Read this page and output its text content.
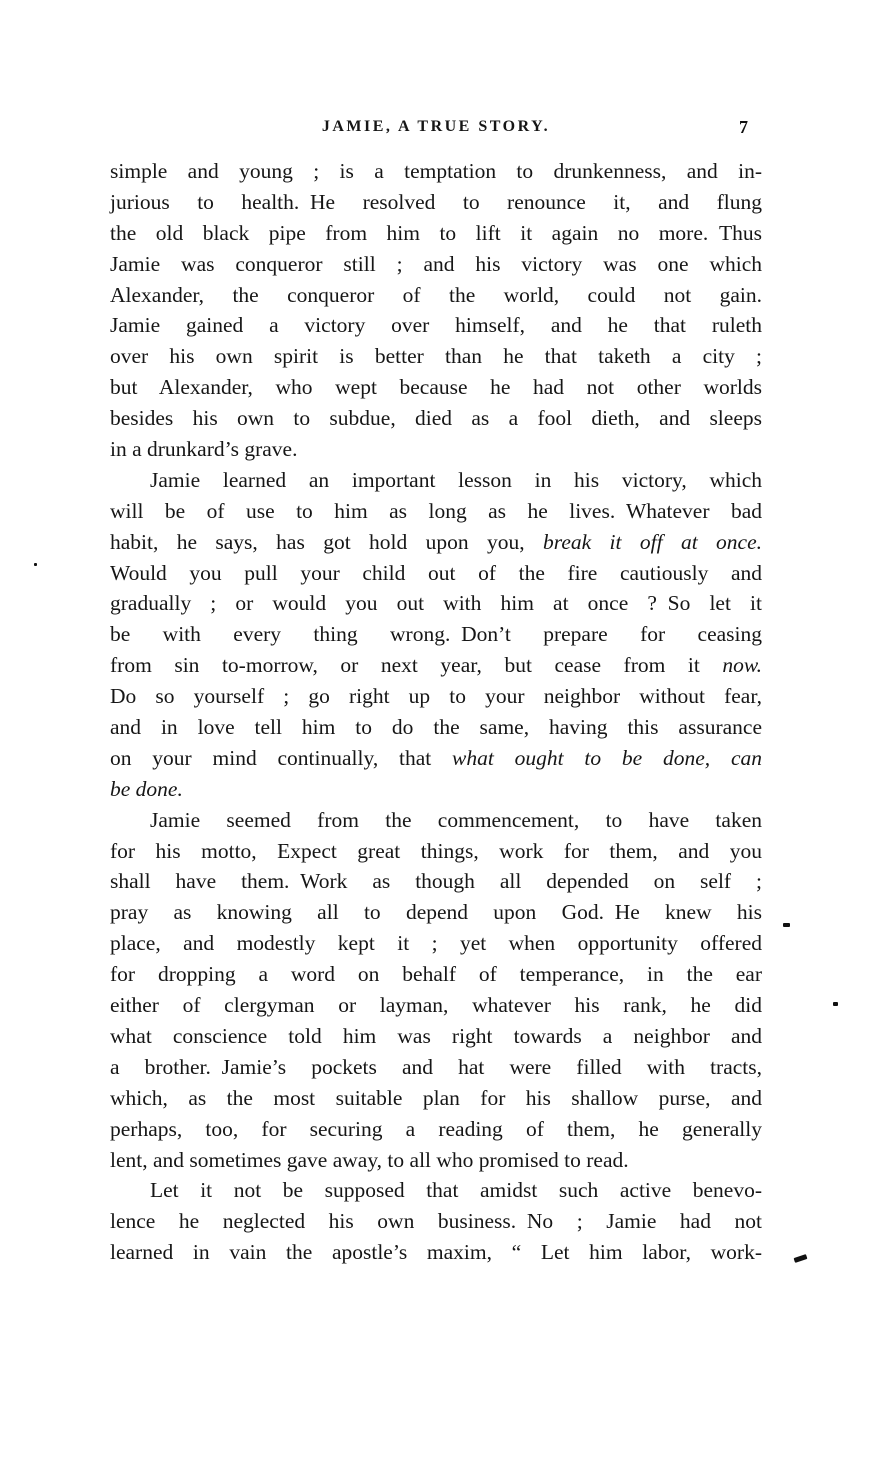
JAMIE, A TRUE STORY.	7
simple and young ; is a temptation to drunkenness, and in-
jurious to health. He resolved to renounce it, and flung
the old black pipe from him to lift it again no more. Thus
Jamie was conqueror still ; and his victory was one which
Alexander, the conqueror of the world, could not gain.
Jamie gained a victory over himself, and he that ruleth
over his own spirit is better than he that taketh a city ;
but Alexander, who wept because he had not other worlds
besides his own to subdue, died as a fool dieth, and sleeps
in a drunkard’s grave.
Jamie learned an important lesson in his victory, which
will be of use to him as long as he lives. Whatever bad
habit, he says, has got hold upon you, break it off at once.
Would you pull your child out of the fire cautiously and
gradually ; or would you out with him at once ? So let it
be with every thing wrong. Don’t prepare for ceasing
from sin to-morrow, or next year, but cease from it now.
Do so yourself ; go right up to your neighbor without fear,
and in love tell him to do the same, having this assurance
on your mind continually, that what ought to be done, can
be done.
Jamie seemed from the commencement, to have taken
for his motto, Expect great things, work for them, and you
shall have them. Work as though all depended on self ;
pray as knowing all to depend upon God. He knew his
place, and modestly kept it ; yet when opportunity offered
for dropping a word on behalf of temperance, in the ear
either of clergyman or layman, whatever his rank, he did
what conscience told him was right towards a neighbor and
a brother. Jamie’s pockets and hat were filled with tracts,
which, as the most suitable plan for his shallow purse, and
perhaps, too, for securing a reading of them, he generally
lent, and sometimes gave away, to all who promised to read.
Let it not be supposed that amidst such active benevo-
lence he neglected his own business. No ; Jamie had not
learned in vain the apostle’s maxim, “ Let him labor, work-
